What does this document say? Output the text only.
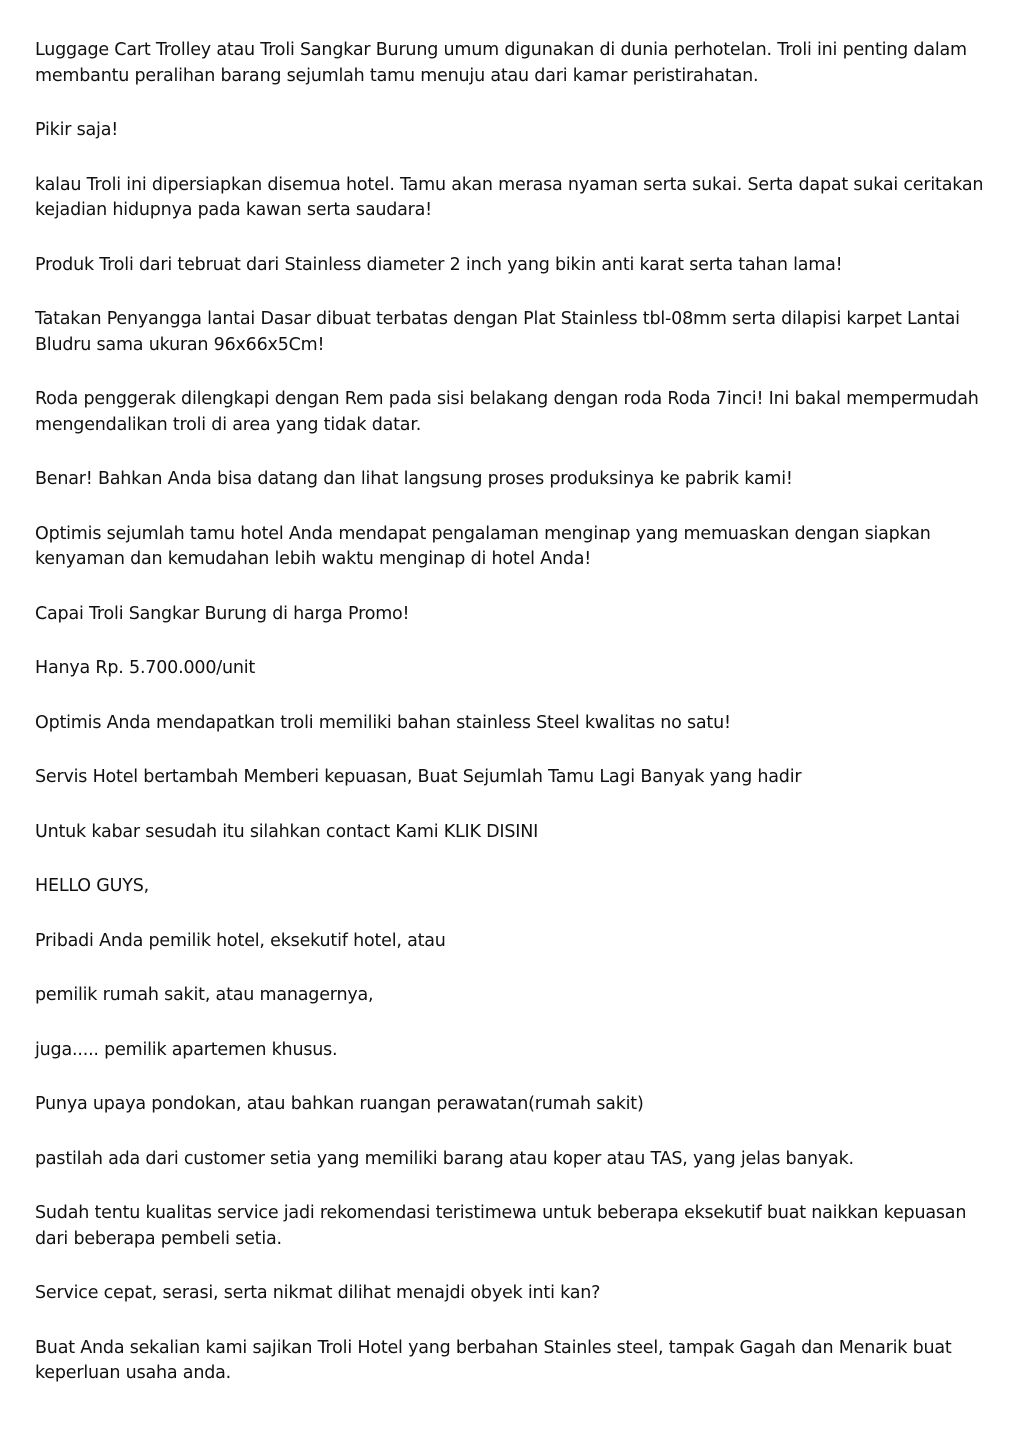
Luggage Cart Trolley atau Troli Sangkar Burung umum digunakan di dunia perhotelan. Troli ini penting dalam membantu peralihan barang sejumlah tamu menuju atau dari kamar peristirahatan.

Pikir saja!

kalau Troli ini dipersiapkan disemua hotel. Tamu akan merasa nyaman serta sukai. Serta dapat sukai ceritakan kejadian hidupnya pada kawan serta saudara!

Produk Troli dari tebruat dari Stainless diameter 2 inch yang bikin anti karat serta tahan lama!

Tatakan Penyangga lantai Dasar dibuat terbatas dengan Plat Stainless tbl-08mm serta dilapisi karpet Lantai Bludru sama ukuran 96x66x5Cm!

Roda penggerak dilengkapi dengan Rem pada sisi belakang dengan roda Roda 7inci! Ini bakal mempermudah mengendalikan troli di area yang tidak datar.

Benar! Bahkan Anda bisa datang dan lihat langsung proses produksinya ke pabrik kami!

Optimis sejumlah tamu hotel Anda mendapat pengalaman menginap yang memuaskan dengan siapkan kenyaman dan kemudahan lebih waktu menginap di hotel Anda!

Capai Troli Sangkar Burung di harga Promo!

Hanya Rp. 5.700.000/unit

Optimis Anda mendapatkan troli memiliki bahan stainless Steel kwalitas no satu!

Servis Hotel bertambah Memberi kepuasan, Buat Sejumlah Tamu Lagi Banyak yang hadir

Untuk kabar sesudah itu silahkan contact Kami KLIK DISINI

HELLO GUYS,

Pribadi Anda pemilik hotel, eksekutif hotel, atau

pemilik rumah sakit, atau managernya,

juga..... pemilik apartemen khusus.

Punya upaya pondokan, atau bahkan ruangan perawatan(rumah sakit)

pastilah ada dari customer setia yang memiliki barang atau koper atau TAS, yang jelas banyak.

Sudah tentu kualitas service jadi rekomendasi teristimewa untuk beberapa eksekutif buat naikkan kepuasan dari beberapa pembeli setia.

Service cepat, serasi, serta nikmat dilihat menajdi obyek inti kan?

Buat Anda sekalian kami sajikan Troli Hotel yang berbahan Stainles steel, tampak Gagah dan Menarik buat keperluan usaha anda.
